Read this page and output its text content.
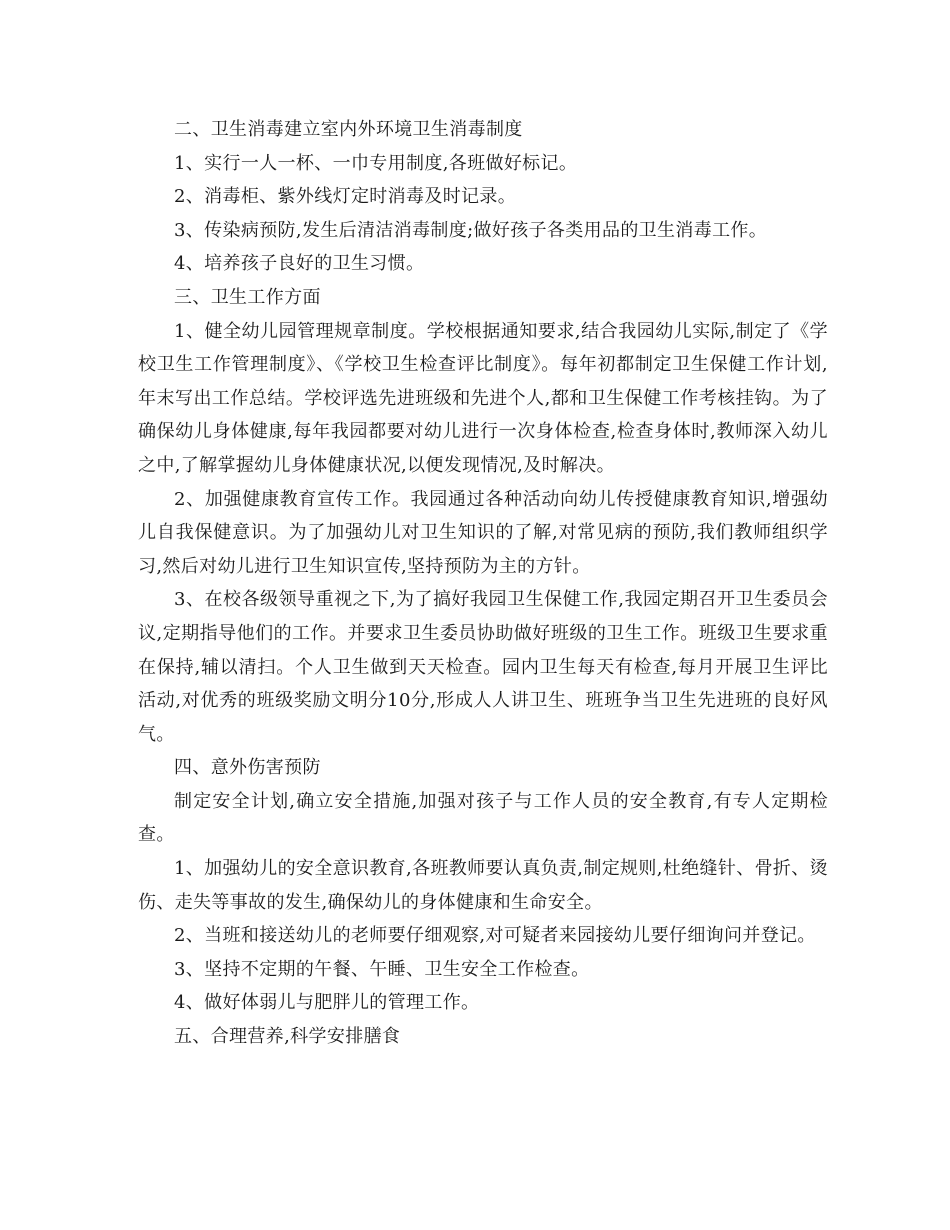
二、卫生消毒建立室内外环境卫生消毒制度

1、实行一人一杯、一巾专用制度,各班做好标记。

2、消毒柜、紫外线灯定时消毒及时记录。

3、传染病预防,发生后清洁消毒制度;做好孩子各类用品的卫生消毒工作。

4、培养孩子良好的卫生习惯。

三、卫生工作方面

1、健全幼儿园管理规章制度。学校根据通知要求,结合我园幼儿实际,制定了《学校卫生工作管理制度》、《学校卫生检查评比制度》。每年初都制定卫生保健工作计划,年末写出工作总结。学校评选先进班级和先进个人,都和卫生保健工作考核挂钩。为了确保幼儿身体健康,每年我园都要对幼儿进行一次身体检查,检查身体时,教师深入幼儿之中,了解掌握幼儿身体健康状况,以便发现情况,及时解决。

2、加强健康教育宣传工作。我园通过各种活动向幼儿传授健康教育知识,增强幼儿自我保健意识。为了加强幼儿对卫生知识的了解,对常见病的预防,我们教师组织学习,然后对幼儿进行卫生知识宣传,坚持预防为主的方针。

3、在校各级领导重视之下,为了搞好我园卫生保健工作,我园定期召开卫生委员会议,定期指导他们的工作。并要求卫生委员协助做好班级的卫生工作。班级卫生要求重在保持,辅以清扫。个人卫生做到天天检查。园内卫生每天有检查,每月开展卫生评比活动,对优秀的班级奖励文明分10分,形成人人讲卫生、班班争当卫生先进班的良好风气。

四、意外伤害预防

制定安全计划,确立安全措施,加强对孩子与工作人员的安全教育,有专人定期检查。

1、加强幼儿的安全意识教育,各班教师要认真负责,制定规则,杜绝缝针、骨折、烫伤、走失等事故的发生,确保幼儿的身体健康和生命安全。

2、当班和接送幼儿的老师要仔细观察,对可疑者来园接幼儿要仔细询问并登记。

3、坚持不定期的午餐、午睡、卫生安全工作检查。

4、做好体弱儿与肥胖儿的管理工作。

五、合理营养,科学安排膳食
